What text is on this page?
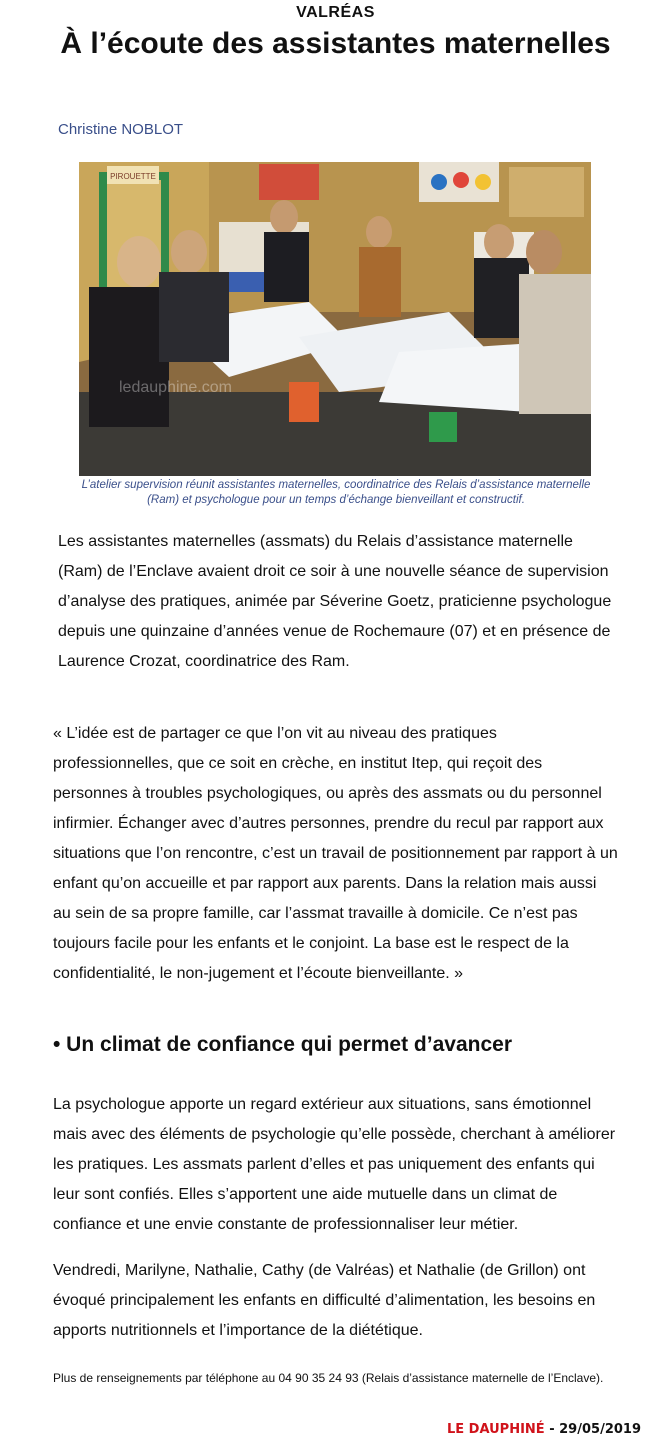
VALRÉAS
À l’écoute des assistantes maternelles
Christine NOBLOT
PIROUETTE
ledauphine.com
L’atelier supervision réunit assistantes maternelles, coordinatrice des Relais d’assistance maternelle (Ram) et psychologue pour un temps d’échange bienveillant et constructif.
Les assistantes maternelles (assmats) du Relais d’assistance maternelle (Ram) de l’Enclave avaient droit ce soir à une nouvelle séance de supervision d’analyse des pratiques, animée par Séverine Goetz, praticienne psychologue depuis une quinzaine d’années venue de Rochemaure (07) et en présence de Laurence Crozat, coordinatrice des Ram.
« L’idée est de partager ce que l’on vit au niveau des pratiques professionnelles, que ce soit en crèche, en institut Itep, qui reçoit des personnes à troubles psychologiques, ou après des assmats ou du personnel infirmier. Échanger avec d’autres personnes, prendre du recul par rapport aux situations que l’on rencontre, c’est un travail de positionnement par rapport à un enfant qu’on accueille et par rapport aux parents. Dans la relation mais aussi au sein de sa propre famille, car l’assmat travaille à domicile. Ce n’est pas toujours facile pour les enfants et le conjoint. La base est le respect de la confidentialité, le non-jugement et l’écoute bienveillante. »
• Un climat de confiance qui permet d’avancer
La psychologue apporte un regard extérieur aux situations, sans émotionnel mais avec des éléments de psychologie qu’elle possède, cherchant à améliorer les pratiques. Les assmats parlent d’elles et pas uniquement des enfants qui leur sont confiés. Elles s’apportent une aide mutuelle dans un climat de confiance et une envie constante de professionnaliser leur métier.
Vendredi, Marilyne, Nathalie, Cathy (de Valréas) et Nathalie (de Grillon) ont évoqué principalement les enfants en difficulté d’alimentation, les besoins en apports nutritionnels et l’importance de la diététique.
Plus de renseignements par téléphone au 04 90 35 24 93 (Relais d’assistance maternelle de l’Enclave).
LE DAUPHINÉ - 29/05/2019
